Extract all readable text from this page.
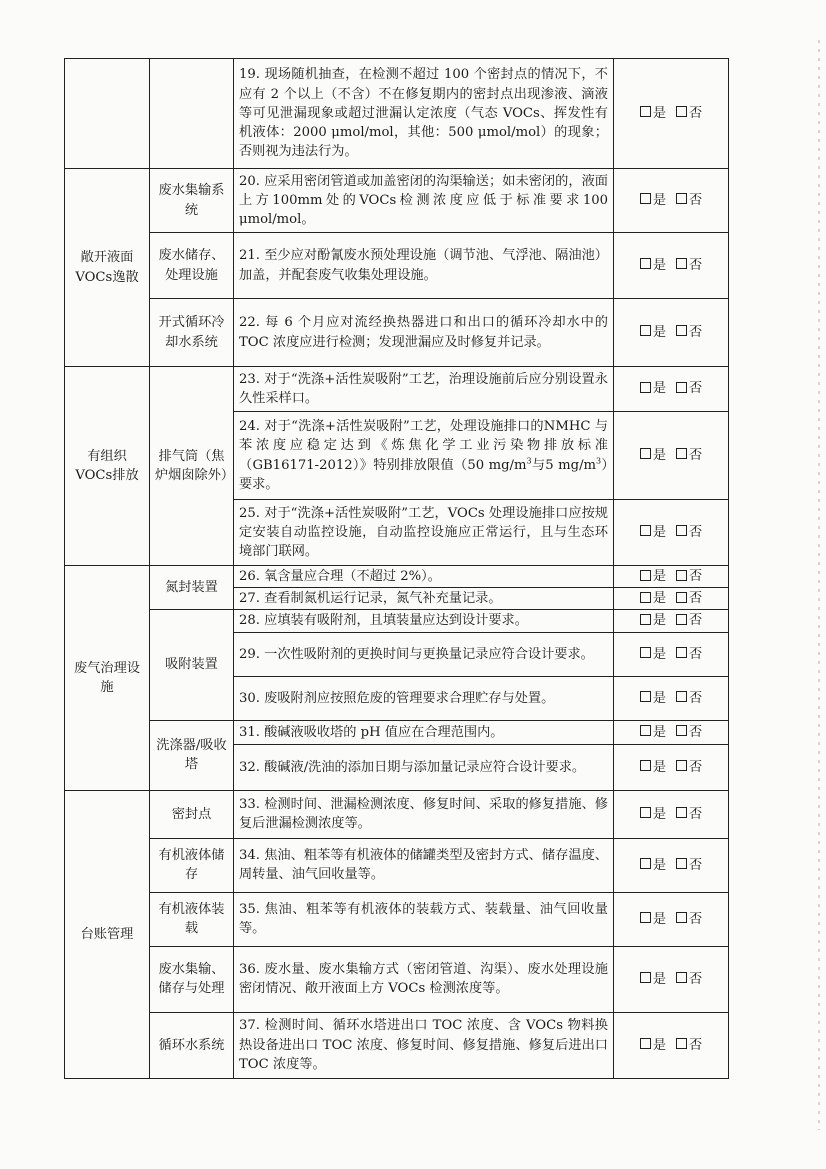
		19. 现场随机抽查，在检测不超过 100 个密封点的情况下，不应有 2 个以上（不含）不在修复期内的密封点出现渗液、滴液等可见泄漏现象或超过泄漏认定浓度（气态 VOCs、挥发性有机液体：2000 μmol/mol，其他：500 μmol/mol）的现象；否则视为违法行为。	是 否
敞开液面VOCs逸散	废水集输系统	20. 应采用密闭管道或加盖密闭的沟渠输送；如未密闭的，液面上方100mm处的VOCs检测浓度应低于标准要求100 μmol/mol。	是 否
	废水储存、处理设施	21. 至少应对酚氰废水预处理设施（调节池、气浮池、隔油池）加盖，并配套废气收集处理设施。	是 否
	开式循环冷却水系统	22. 每 6 个月应对流经换热器进口和出口的循环冷却水中的 TOC 浓度应进行检测；发现泄漏应及时修复并记录。	是 否
有组织VOCs排放	排气筒（焦炉烟囱除外）	23. 对于“洗涤+活性炭吸附”工艺，治理设施前后应分别设置永久性采样口。	是 否
		24. 对于“洗涤+活性炭吸附”工艺，处理设施排口的NMHC 与苯浓度应稳定达到《炼焦化学工业污染物排放标准（GB16171-2012）》特别排放限值（50 $mg/m^3$与5 $mg/m^3$）要求。	是 否
		25. 对于“洗涤+活性炭吸附”工艺，VOCs 处理设施排口应按规定安装自动监控设施，自动监控设施应正常运行，且与生态环境部门联网。	是 否
废气治理设施	氮封装置	26. 氧含量应合理（不超过 2%）。	是 否
		27. 查看制氮机运行记录，氮气补充量记录。	是 否
	吸附装置	28. 应填装有吸附剂，且填装量应达到设计要求。	是 否
		29. 一次性吸附剂的更换时间与更换量记录应符合设计要求。	是 否
		30. 废吸附剂应按照危废的管理要求合理贮存与处置。	是 否
	洗涤器/吸收塔	31. 酸碱液吸收塔的 pH 值应在合理范围内。	是 否
		32. 酸碱液/洗油的添加日期与添加量记录应符合设计要求。	是 否
台账管理	密封点	33. 检测时间、泄漏检测浓度、修复时间、采取的修复措施、修复后泄漏检测浓度等。	是 否
	有机液体储存	34. 焦油、粗苯等有机液体的储罐类型及密封方式、储存温度、周转量、油气回收量等。	是 否
	有机液体装载	35. 焦油、粗苯等有机液体的装载方式、装载量、油气回收量等。	是 否
	废水集输、储存与处理	36. 废水量、废水集输方式（密闭管道、沟渠）、废水处理设施密闭情况、敞开液面上方 VOCs 检测浓度等。	是 否
	循环水系统	37. 检测时间、循环水塔进出口 TOC 浓度、含 VOCs 物料换热设备进出口 TOC 浓度、修复时间、修复措施、修复后进出口 TOC 浓度等。	是 否
